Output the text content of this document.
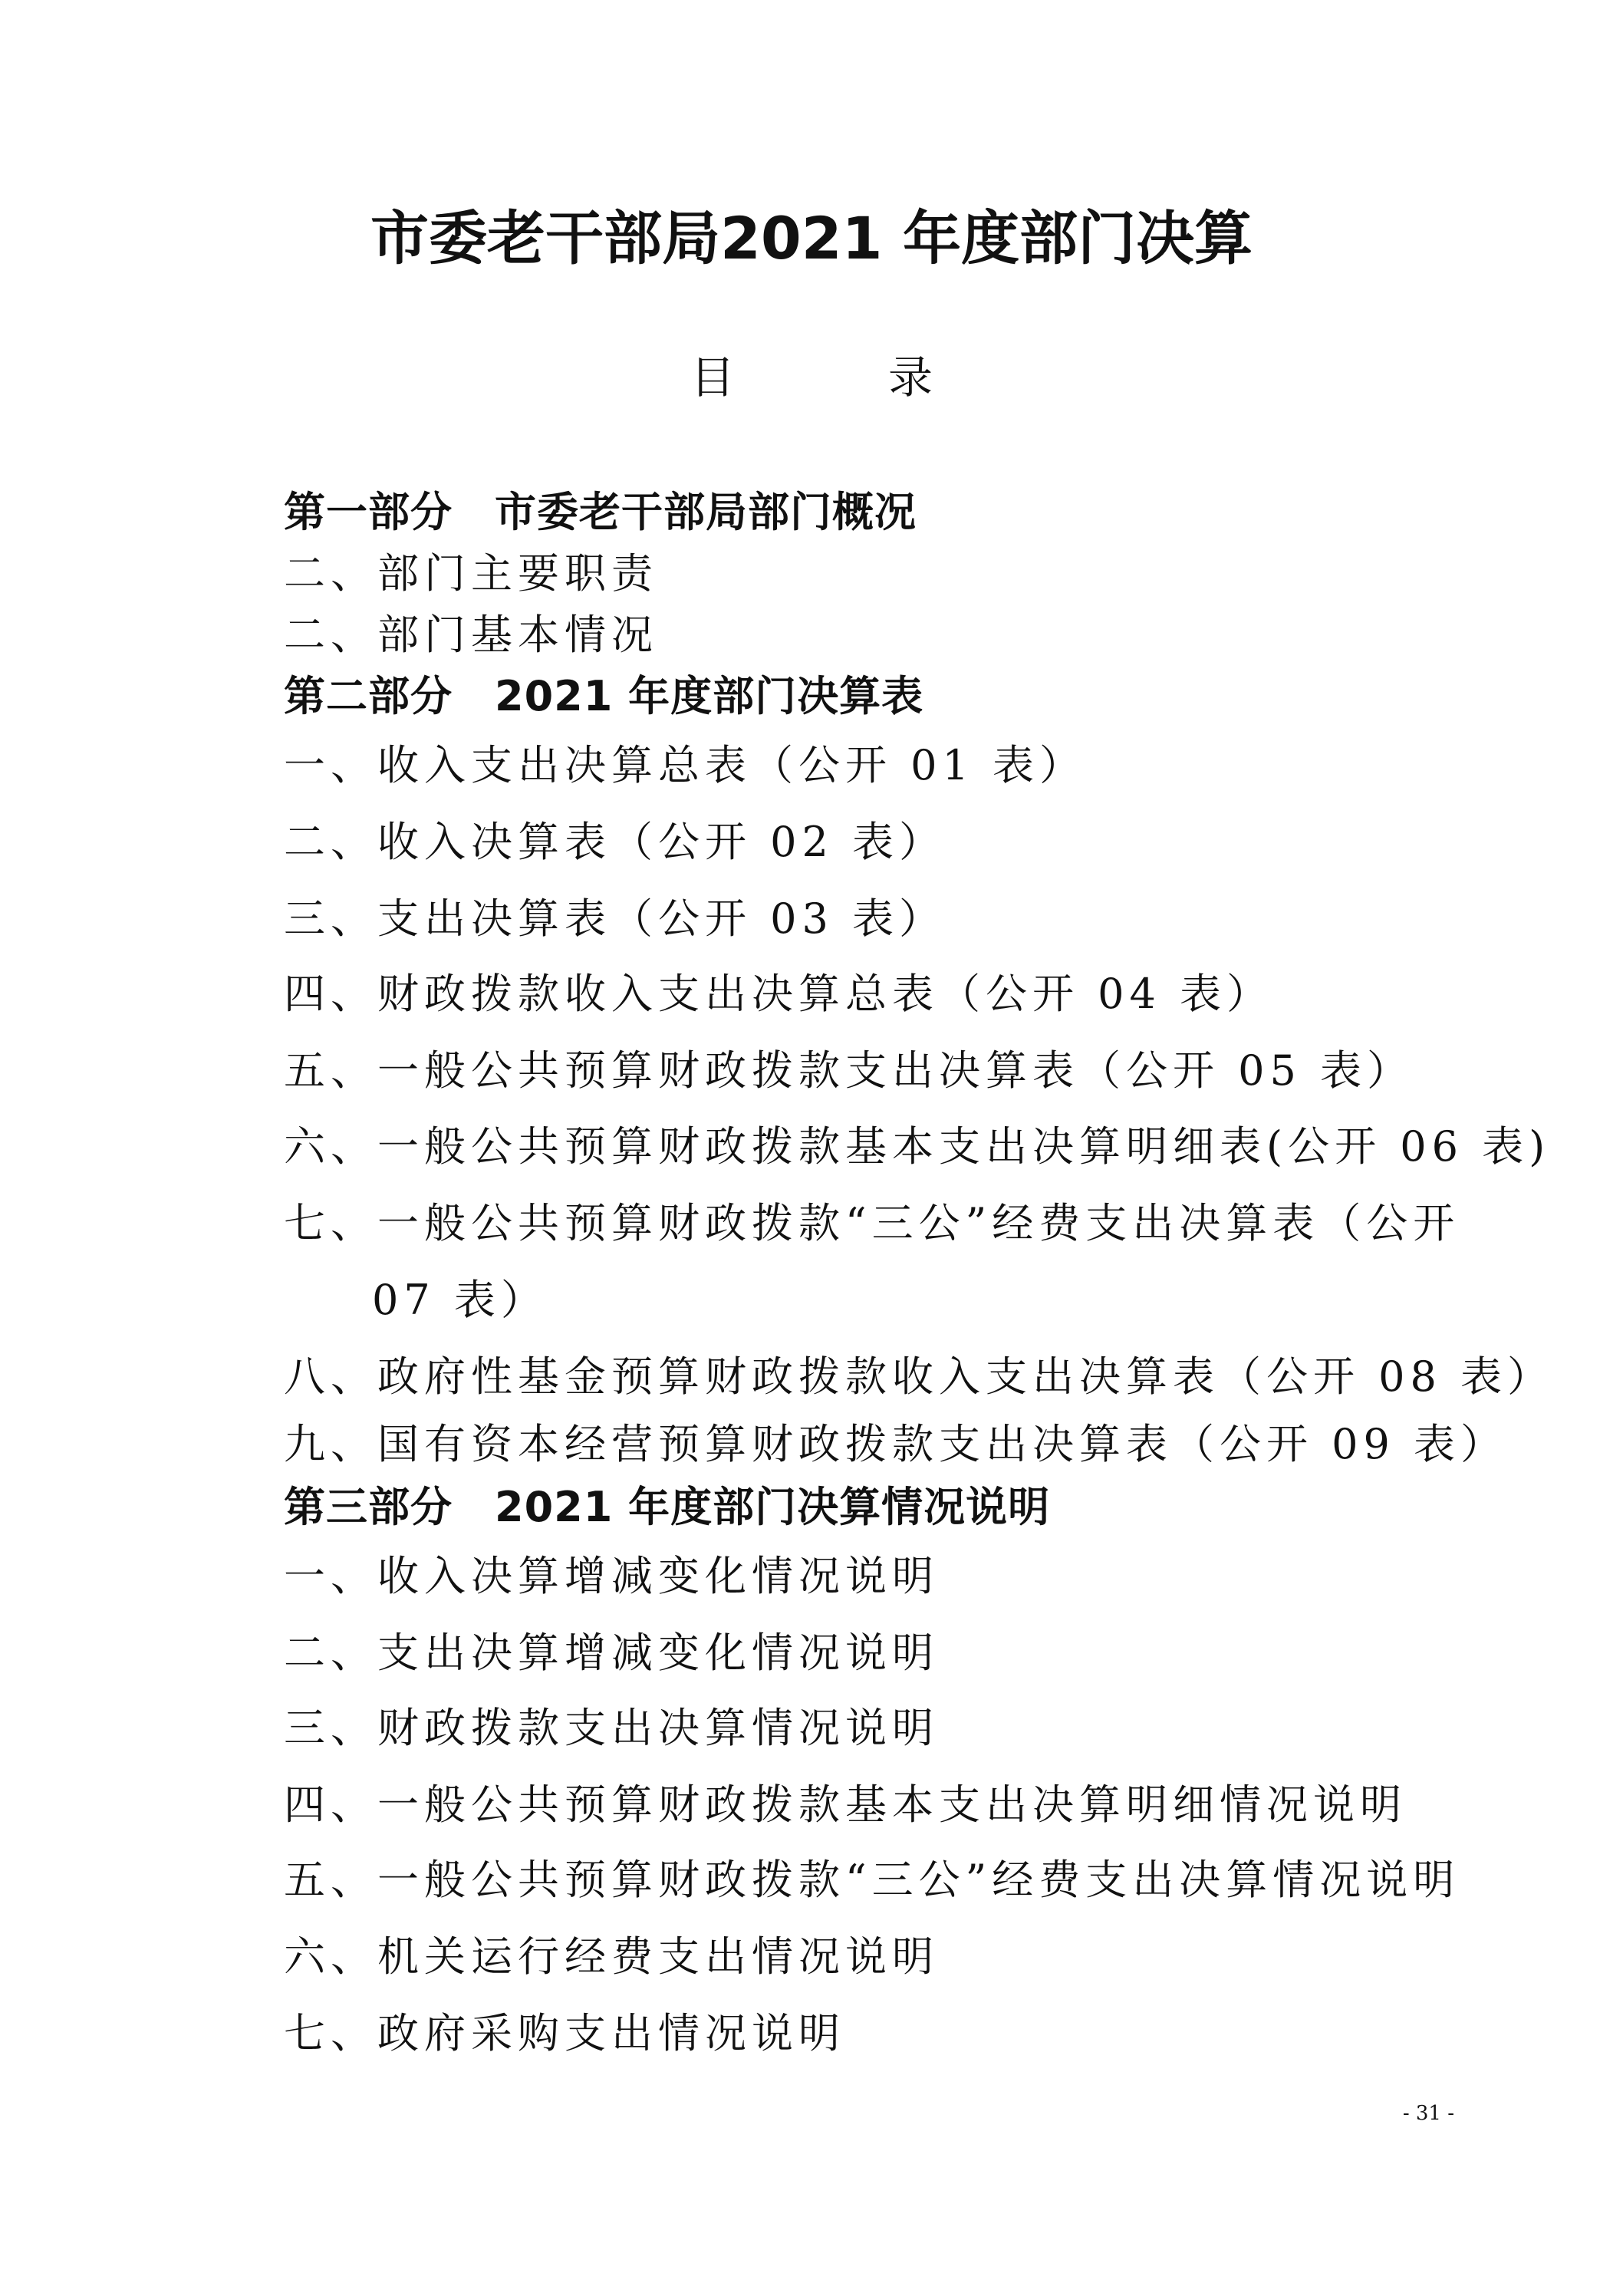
市委老干部局2021 年度部门决算
目	录
第一部分　市委老干部局部门概况
二、部门主要职责
二、部门基本情况
第二部分　2021 年度部门决算表
一、收入支出决算总表（公开 01 表）
二、收入决算表（公开 02 表）
三、支出决算表（公开 03 表）
四、财政拨款收入支出决算总表（公开 04 表）
五、一般公共预算财政拨款支出决算表（公开 05 表）
六、一般公共预算财政拨款基本支出决算明细表(公开 06 表)
七、一般公共预算财政拨款“三公”经费支出决算表（公开
07 表）
八、政府性基金预算财政拨款收入支出决算表（公开 08 表）
九、国有资本经营预算财政拨款支出决算表（公开 09 表）
第三部分　2021 年度部门决算情况说明
一、收入决算增减变化情况说明
二、支出决算增减变化情况说明
三、财政拨款支出决算情况说明
四、一般公共预算财政拨款基本支出决算明细情况说明
五、一般公共预算财政拨款“三公”经费支出决算情况说明
六、机关运行经费支出情况说明
七、政府采购支出情况说明
- 31 -
